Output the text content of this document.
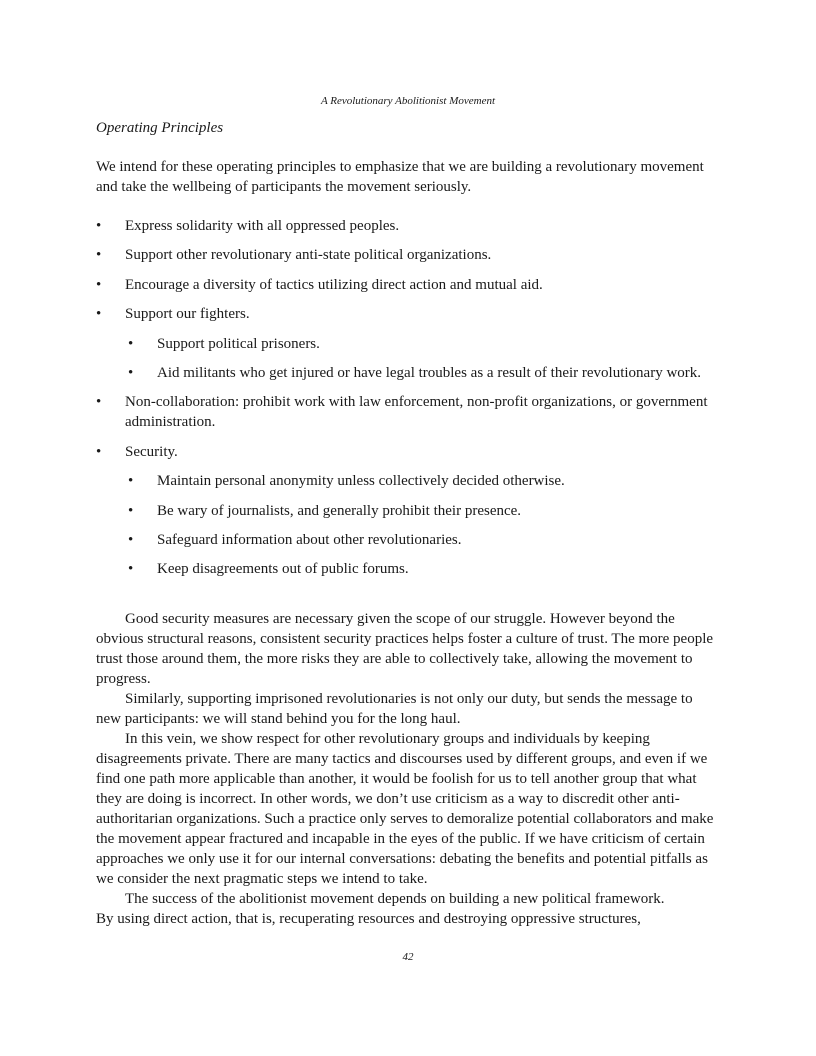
A Revolutionary Abolitionist Movement
Operating Principles

We intend for these operating principles to emphasize that we are building a revolutionary movement and take the wellbeing of participants the movement seriously.

• Express solidarity with all oppressed peoples.
• Support other revolutionary anti-state political organizations.
• Encourage a diversity of tactics utilizing direct action and mutual aid.
• Support our fighters.
• Support political prisoners.
• Aid militants who get injured or have legal troubles as a result of their revolutionary work.
• Non-collaboration: prohibit work with law enforcement, non-profit organizations, or government administration.
• Security.
• Maintain personal anonymity unless collectively decided otherwise.
• Be wary of journalists, and generally prohibit their presence.
• Safeguard information about other revolutionaries.
• Keep disagreements out of public forums.

Good security measures are necessary given the scope of our struggle. However beyond the obvious structural reasons, consistent security practices helps foster a culture of trust. The more people trust those around them, the more risks they are able to collectively take, allowing the movement to progress.

Similarly, supporting imprisoned revolutionaries is not only our duty, but sends the message to new participants: we will stand behind you for the long haul.

In this vein, we show respect for other revolutionary groups and individuals by keeping disagreements private. There are many tactics and discourses used by different groups, and even if we find one path more applicable than another, it would be foolish for us to tell another group that what they are doing is incorrect. In other words, we don’t use criticism as a way to discredit other anti-authoritarian organizations. Such a practice only serves to demoralize potential collaborators and make the movement appear fractured and incapable in the eyes of the public. If we have criticism of certain approaches we only use it for our internal conversations: debating the benefits and potential pitfalls as we consider the next pragmatic steps we intend to take.

The success of the abolitionist movement depends on building a new political framework.

By using direct action, that is, recuperating resources and destroying oppressive structures,

42
